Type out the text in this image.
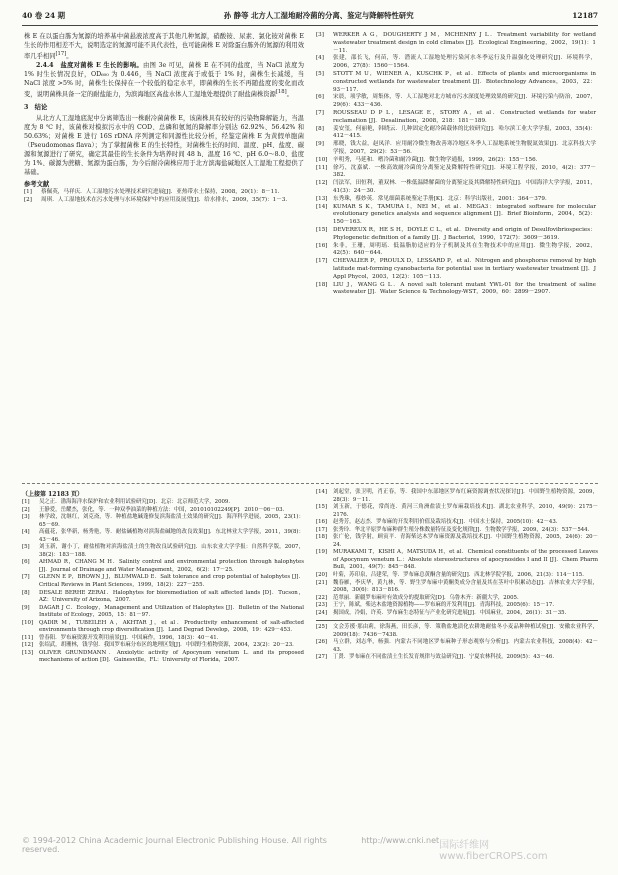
40 卷 24 期	孙 静等 北方人工湿地耐冷菌的分离、鉴定与降解特性研究	12187

株 E 在以蛋白胨为氮源的培养基中菌悬液浓度高于其他几种氮源，硝酸铵、尿素、氯化铵对菌株 E 生长的作用相差不大，说明选定的氮源可能不具代表性，也可能菌株 E 对除蛋白胨外的氮源的利用效率几乎相同[17]。

2.4.4　盐度对菌株 E 生长的影响。由图 3e 可见，菌株 E 在不同的盐度，当 NaCl 浓度为 1% 时生长情况良好，OD₆₀₀ 为 0.446，当 NaCl 浓度高于或低于 1% 时，菌株生长减缓，当 NaCl 浓度 >5% 时，菌株生长保持在一个较低的稳定水平，即菌株的生长不再随盐度的变化而改变，说明菌株具备一定的耐盐能力，为滨海地区高盐水体人工湿地处理提供了耐盐菌株资源[18]。

3　结论

从北方人工湿地底泥中分离筛选出一株耐冷菌菌株 E，该菌株具有较好的污染物降解能力，当温度为 8 ℃ 时，该菌株对模拟污水中的 COD、总磷和氨氮的降解率分别达 62.92%、56.42% 和 50.63%；对菌株 E 进行 16S rDNA 序列测定和同源性比较分析，经鉴定菌株 E 为黄假单胞菌（Pseudomonas flava）；为了掌握菌株 E 的生长特性，对菌株生长的时间、温度、pH、盐度、碳源和氮源进行了研究，确定其最佳的生长条件为培养时间 48 h、温度 16 ℃、pH 6.0～8.0、盐度为 1%、碳源为蔗糖、氮源为蛋白胨，为今后耐冷菌株应用于北方滨海盐碱地区人工湿地工程提供了基础。

参考文献
[1]	蔡佩英，马祥庆．人工湿地污水处理技术研究进展[J]．亚热带水土保持，2008，20(1)：8－11．
[2]	周琪．人工湿地技术在污水处理与水环境保护中的应用及展望[J]．给水排水，2009，35(7)：1－3．
[3]	WERKER A G，DOUGHERTY J M，MCHENRY J L．Treatment variability for wetland wastewater treatment design in cold climates [J]．Ecological Engineering，2002，19(1)：1－11．
[4]	张建，邵长飞，何苗，等．潜流人工湿地处理污染河水冬季运行及升温强化处理研究[J]．环境科学，2006，27(8)：1560－1564．
[5]	STOTT M U，WIENER A，KUSCHK P，et al．Effects of plants and microorganisms in constructed wetlands for wastewater treatment [J]．Biotechnology Advances，2003，22：93－117．
[6]	宋晨，项学敏，周集体，等．人工湿地对北方城市污水深度处理效果的研究[J]．环境污染与防治，2007，29(6)：433－436．
[7]	ROUSSEAU D P L，LESAGE E，STORY A，et al．Constructed wetlands for water reclamation [J]．Desalination，2008，218：181－189．
[8]	姜安玺，何丽艳，韩晓云．几种固定化耐冷菌载体的比较研究[J]．哈尔滨工业大学学报，2003，35(4)：412－415．
[9]	邢晓，钱大益，赵凤洋．应用耐冷微生物改善寒冷地区冬季人工湿地系统生物脱氮效果[J]．北京科技大学学报，2007，29(2)：53－56．
[10] 辛明秀，马延和．嗜冷菌和耐冷菌[J]．微生物学通报，1999，26(2)：155－156．
[11] 徐巧，沈嘉斌．一株高效耐冷菌的分离鉴定及降解特性研究[J]．环境工程学报，2010，4(2)：377－382．
[12] 闫法军，田恒利，董双林．一株低温降解菌的分离鉴定及其降解特性研究[J]．中国海洋大学学报，2011，41(3)：24－30．
[13] 东秀珠，蔡妙英．常见细菌系统鉴定手册[K]．北京：科学出版社，2001：364－379．
[14] KUMAR S K，TAMURA I，NEI M，et al．MEGA3：integrated software for molecular evolutionary genetics analysis and sequence alignment [J]．Brief Bioinform，2004，5(2)：150－163．
[15] DEVEREUX R，HE S H，DOYLE C L，et al．Diversity and origin of Desulfovibriospecies：Phylogenetic definition of a family [J]．J Bacteriol，1990，172(7)：3609－3619．
[16] 朱非，王珊，周明瑶．低温脂肪适应的分子机制及其在生物技术中的应用[J]．微生物学报，2002，42(5)：640－644．
[17] CHEVALIER P，PROULX D，LESSARD P，et al．Nitrogen and phosphorus removal by high latitude mat-forming cyanobacteria for potential use in tertiary wastewater treatment [J]．J Appl Phycol，2003，12(2)：105－113．
[18] LIU J，WANG G L．A novel salt tolerant mutant YWL-01 for the treatment of saline wastewater [J]．Water Science & Technology-WST，2009，60：2899－2907．
（上接第 12183 页）
[1]	吴之正．渤海海洋水保护和农业利用试验研究[D]．北京：北京师范大学，2009．
[2]	王静爱，岳耀杰，张化，等．一种双季油菜的种植方法：中国，201010102249[P]．2010－06－03．
[3]	林学政，沈继红，刘克斋，等．种植盐地碱蓬修复滨海盐渍土效果的研究[J]．海洋科学进展，2005，23(1)：65－69．
[4]	高蕴花，张华新，杨秀艳，等．耐盐碱植物对滨海盐碱地的改良效果[J]．东北林业大学学报，2011，39(8)：43－46．
[5]	刘玉新，谢小丁，耐盐植物对滨海盐渍土的生物改良试验研究[J]．山东农业大学学报：自然科学版，2007，38(2)：183－188．
[6]	AHMAD R，CHANG M H．Salinity control and environmental protection through halophytes [J]．Journal of Drainage and Water Management，2002，6(2)：17－25．
[7]	GLENN E P，BROWN J J，BLUMWALD E．Salt tolerance and crop potential of halophytes [J]．Critical Reviews in Plant Sciences，1999，18(2)：227－255．
[8]	DESALE BERHE ZERAI．Halophytes for bioremediation of salt affected lands [D]．Tucson，AZ：University of Arizona，2007．
[9]	DAGAR J C．Ecology，Management and Utilization of Halophytes [J]．Bulletin of the National Institute of Ecology，2005，15：81－97．
[10]	QADIR M，TUBEILEH A，AKHTAR J，et al．Productivity enhancement of salt-affected environments through crop diversification [J]．Land Degrad Develop，2008，19：429－453．
[11]	曾春阳．罗布麻资源开发利用前景[J]．中国麻作，1996，18(3)：40－41．
[12]	张绍武，胡珊林，钱学射．我国罗布麻分布区的地理区划[J]．中国野生植物资源，2004，23(2)：20－23．
[13]	OLIVER GRUNDMANN．Anxiolytic activity of Apocynum venetum L. and its proposed mechanisms of action [D]．Gainesville，FL：University of Florida，2007．
[14]	刘起堂，张卫明，肖正春，等．我国中东部地区罗布红麻资源调查状况探讨[J]．中国野生植物资源，2009，28(3)：9－11．
[15]	刘玉新，于德花，常尚连．黄河三角洲盐渍土罗布麻栽培技术[J]．湖北农业科学，2010，49(9)：2175－2176．
[16]	赵秀芳，赵志杰．罗布麻的开发利用价值及栽培技术[J]．中国水土保持，2005(10)：42－43．
[17]	张秀玲．华北平原罗布麻种群生殖分株数量特征及变化规律[J]．生物数学学报，2009，24(3)：537－544．
[18]	张广伦，钱学射，顾寅平．青海柴达木罗布麻资源及栽培技术[J]．中国野生植物资源，2005，24(6)：20－24．
[19]	MURAKAMI T，KISHI A，MATSUDA H，et al．Chemical constituents of the processed Leaves of Apocynum venetum L.：Absolute stereostructures of apocynosides I and II [J]．Chem Pharm Bull，2001，49(7)：845－848．
[20]	叶菊，苏印泉，吕建荣，等．罗布麻总黄酮含量的研究[J]．西北林学院学报，2006，21(3)：114－115．
[21]	魏春雁，李庆华，黄九林，等．野生罗布麻中黄酮类成分含量及其在茎叶中积累动态[J]．吉林农业大学学报，2008，30(6)：813－816．
[22]	范翠丽．新疆罗布麻叶有效成分的提取研究[D]．乌鲁木齐：新疆大学，2005．
[23]	王宁，陈斌，柴达木盐地资源植物——罗布麻的开发利用[J]．青海科技，2005(6)：15－17．
[24]	揭国成，冷娟，许英．罗布麻生态特征与产业化研究进展[J]．中国麻业，2004，26(1)：31－35．
[25]	文会芳援·那由莉，徐海燕，田长彦，等．策勒盐地渍化农耕地耐盐冬小麦品种种植试验[J]．安徽农业科学，2009(18)：7436－7438．
[26]	马立群，刘志华，杨强．内蒙古不同地区罗布麻种子形态观察与分析[J]．内蒙古农业科技，2008(4)：42－43．
[27]	丁贤．罗布麻在不同盐渍土生长发育规律与效益研究[J]．宁夏农林科技，2009(5)：43－46．
© 1994-2012 China Academic Journal Electronic Publishing House. All rights reserved.
http://www.cnki.net 国际纤维网 www.fiberCROPS.com
